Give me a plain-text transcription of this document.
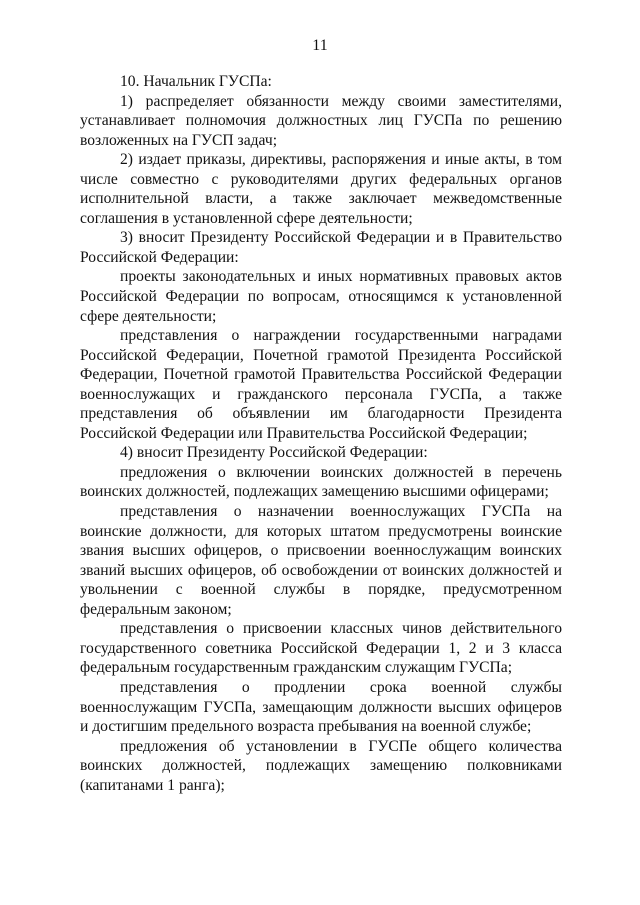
11

10. Начальник ГУСПа:

1) распределяет обязанности между своими заместителями, устанавливает полномочия должностных лиц ГУСПа по решению возложенных на ГУСП задач;

2) издает приказы, директивы, распоряжения и иные акты, в том числе совместно с руководителями других федеральных органов исполнительной власти, а также заключает межведомственные соглашения в установленной сфере деятельности;

3) вносит Президенту Российской Федерации и в Правительство Российской Федерации:

проекты законодательных и иных нормативных правовых актов Российской Федерации по вопросам, относящимся к установленной сфере деятельности;

представления о награждении государственными наградами Российской Федерации, Почетной грамотой Президента Российской Федерации, Почетной грамотой Правительства Российской Федерации военнослужащих и гражданского персонала ГУСПа, а также представления об объявлении им благодарности Президента Российской Федерации или Правительства Российской Федерации;

4) вносит Президенту Российской Федерации:

предложения о включении воинских должностей в перечень воинских должностей, подлежащих замещению высшими офицерами;

представления о назначении военнослужащих ГУСПа на воинские должности, для которых штатом предусмотрены воинские звания высших офицеров, о присвоении военнослужащим воинских званий высших офицеров, об освобождении от воинских должностей и увольнении с военной службы в порядке, предусмотренном федеральным законом;

представления о присвоении классных чинов действительного государственного советника Российской Федерации 1, 2 и 3 класса федеральным государственным гражданским служащим ГУСПа;

представления о продлении срока военной службы военнослужащим ГУСПа, замещающим должности высших офицеров и достигшим предельного возраста пребывания на военной службе;

предложения об установлении в ГУСПе общего количества воинских должностей, подлежащих замещению полковниками (капитанами 1 ранга);
